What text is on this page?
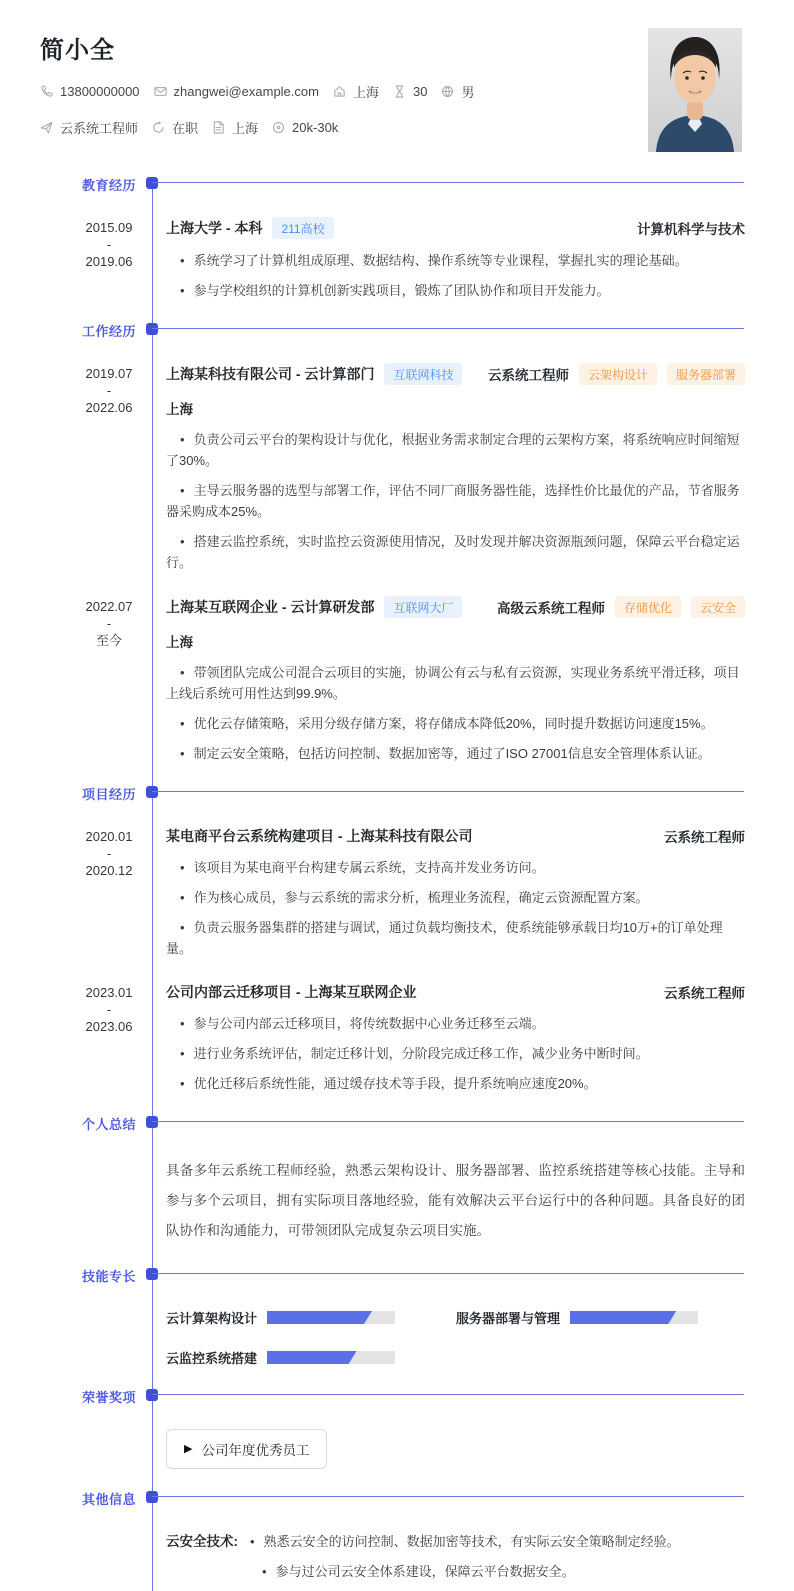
简小全
13800000000	zhangwei@example.com	上海	30	男
云系统工程师	在职	上海	20k-30k
教育经历
2015.09
-
2019.06
上海大学 - 本科	211高校	计算机科学与技术
• 系统学习了计算机组成原理、数据结构、操作系统等专业课程，掌握扎实的理论基础。
• 参与学校组织的计算机创新实践项目，锻炼了团队协作和项目开发能力。
工作经历
2019.07
-
2022.06
上海某科技有限公司 - 云计算部门	互联网科技	云系统工程师	云架构设计	服务器部署
上海
• 负责公司云平台的架构设计与优化，根据业务需求制定合理的云架构方案，将系统响应时间缩短了30%。
• 主导云服务器的选型与部署工作，评估不同厂商服务器性能，选择性价比最优的产品，节省服务器采购成本25%。
• 搭建云监控系统，实时监控云资源使用情况，及时发现并解决资源瓶颈问题，保障云平台稳定运行。
2022.07
-
至今
上海某互联网企业 - 云计算研发部	互联网大厂	高级云系统工程师	存储优化	云安全
上海
• 带领团队完成公司混合云项目的实施，协调公有云与私有云资源，实现业务系统平滑迁移，项目上线后系统可用性达到99.9%。
• 优化云存储策略，采用分级存储方案，将存储成本降低20%，同时提升数据访问速度15%。
• 制定云安全策略，包括访问控制、数据加密等，通过了ISO 27001信息安全管理体系认证。
项目经历
2020.01
-
2020.12
某电商平台云系统构建项目 - 上海某科技有限公司	云系统工程师
• 该项目为某电商平台构建专属云系统，支持高并发业务访问。
• 作为核心成员，参与云系统的需求分析，梳理业务流程，确定云资源配置方案。
• 负责云服务器集群的搭建与调试，通过负载均衡技术，使系统能够承载日均10万+的订单处理量。
2023.01
-
2023.06
公司内部云迁移项目 - 上海某互联网企业	云系统工程师
• 参与公司内部云迁移项目，将传统数据中心业务迁移至云端。
• 进行业务系统评估，制定迁移计划，分阶段完成迁移工作，减少业务中断时间。
• 优化迁移后系统性能，通过缓存技术等手段，提升系统响应速度20%。
个人总结
具备多年云系统工程师经验，熟悉云架构设计、服务器部署、监控系统搭建等核心技能。主导和参与多个云项目，拥有实际项目落地经验，能有效解决云平台运行中的各种问题。具备良好的团队协作和沟通能力，可带领团队完成复杂云项目实施。
技能专长
云计算架构设计	服务器部署与管理
云监控系统搭建
荣誉奖项
▶ 公司年度优秀员工
其他信息
云安全技术:	• 熟悉云安全的访问控制、数据加密等技术，有实际云安全策略制定经验。
• 参与过公司云安全体系建设，保障云平台数据安全。
